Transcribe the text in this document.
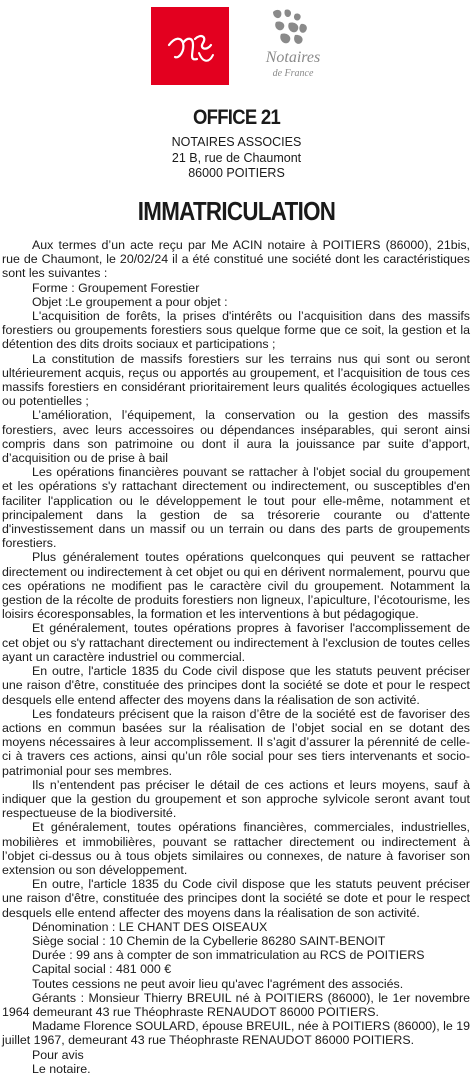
Notaires
de France
OFFICE 21
NOTAIRES ASSOCIES
21 B, rue de Chaumont
86000 POITIERS
IMMATRICULATION

Aux termes d’un acte reçu par Me ACIN notaire à POITIERS (86000), 21bis, rue de Chaumont, le 20/02/24 il a été constitué une société dont les caractéristiques sont les suivantes :

Forme : Groupement Forestier

Objet :Le groupement a pour objet :

L'acquisition de forêts, la prises d'intérêts ou l’acquisition dans des massifs forestiers ou groupements forestiers sous quelque forme que ce soit, la gestion et la détention des dits droits sociaux et participations ;

La constitution de massifs forestiers sur les terrains nus qui sont ou seront ultérieurement acquis, reçus ou apportés au groupement, et l’acquisition de tous ces massifs forestiers en considérant prioritairement leurs qualités écologiques actuelles ou potentielles ;

L’amélioration, l’équipement, la conservation ou la gestion des massifs forestiers, avec leurs accessoires ou dépendances inséparables, qui seront ainsi compris dans son patrimoine ou dont il aura la jouissance par suite d’apport, d’acquisition ou de prise à bail

Les opérations financières pouvant se rattacher à l'objet social du groupement et les opérations s'y rattachant directement ou indirectement, ou susceptibles d'en faciliter l'application ou le développement le tout pour elle-même, notamment et principalement dans la gestion de sa trésorerie courante ou d'attente d'investissement dans un massif ou un terrain ou dans des parts de groupements forestiers.

Plus généralement toutes opérations quelconques qui peuvent se rattacher directement ou indirectement à cet objet ou qui en dérivent normalement, pourvu que ces opérations ne modifient pas le caractère civil du groupement. Notamment la gestion de la récolte de produits forestiers non ligneux, l’apiculture, l’écotourisme, les loisirs écoresponsables, la formation et les interventions à but pédagogique.

Et généralement, toutes opérations propres à favoriser l'accomplissement de cet objet ou s'y rattachant directement ou indirectement à l'exclusion de toutes celles ayant un caractère industriel ou commercial.

En outre, l'article 1835 du Code civil dispose que les statuts peuvent préciser une raison d'être, constituée des principes dont la société se dote et pour le respect desquels elle entend affecter des moyens dans la réalisation de son activité.

Les fondateurs précisent que la raison d’être de la société est de favoriser des actions en commun basées sur la réalisation de l’objet social en se dotant des moyens nécessaires à leur accomplissement. Il s’agit d’assurer la pérennité de celle-ci à travers ces actions, ainsi qu’un rôle social pour ses tiers intervenants et socio-patrimonial pour ses membres.

Ils n’entendent pas préciser le détail de ces actions et leurs moyens, sauf à indiquer que la gestion du groupement et son approche sylvicole seront avant tout respectueuse de la biodiversité.

Et généralement, toutes opérations financières, commerciales, industrielles, mobilières et immobilières, pouvant se rattacher directement ou indirectement à l’objet ci-dessus ou à tous objets similaires ou connexes, de nature à favoriser son extension ou son développement.

En outre, l'article 1835 du Code civil dispose que les statuts peuvent préciser une raison d'être, constituée des principes dont la société se dote et pour le respect desquels elle entend affecter des moyens dans la réalisation de son activité.

Dénomination : LE CHANT DES OISEAUX

Siège social : 10 Chemin de la Cybellerie 86280 SAINT-BENOIT

Durée : 99 ans à compter de son immatriculation au RCS de POITIERS

Capital social : 481 000 €

Toutes cessions ne peut avoir lieu qu'avec l'agrément des associés.

Gérants : Monsieur Thierry BREUIL né à POITIERS (86000), le 1er novembre 1964 demeurant 43 rue Théophraste RENAUDOT 86000 POITIERS.

Madame Florence SOULARD, épouse BREUIL, née à POITIERS (86000), le 19 juillet 1967, demeurant 43 rue Théophraste RENAUDOT 86000 POITIERS.

Pour avis

Le notaire.
